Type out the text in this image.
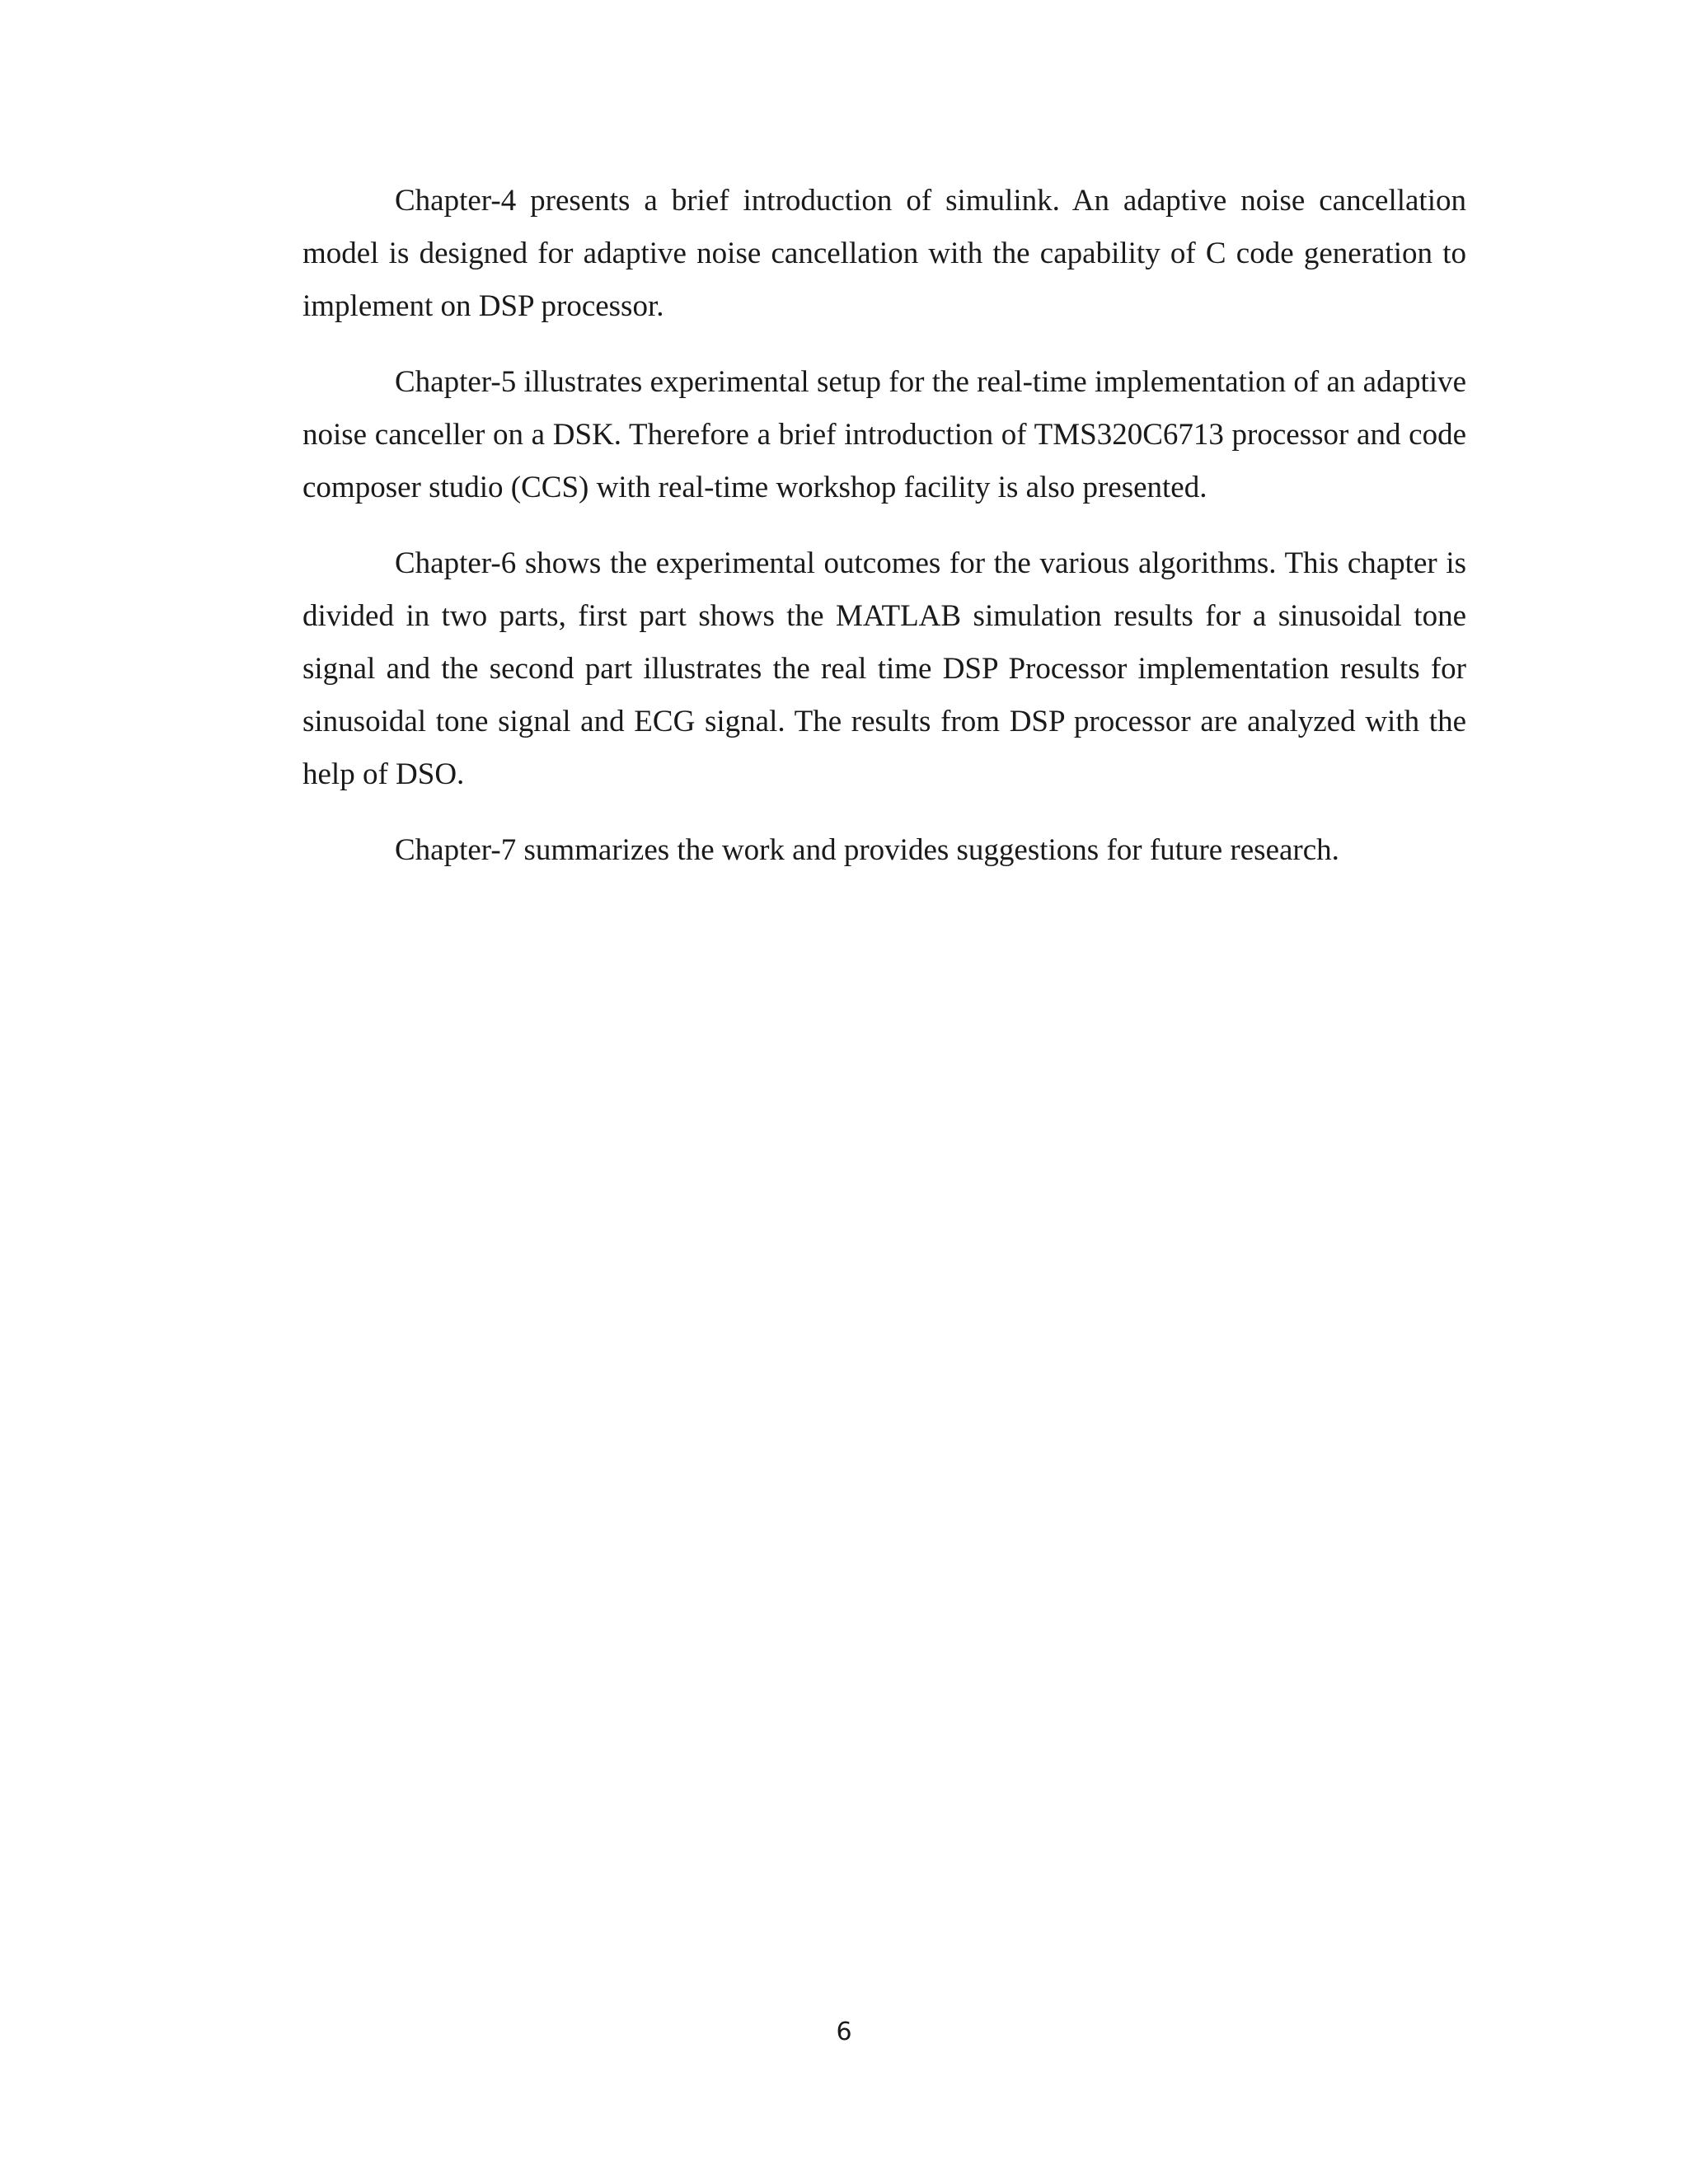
Chapter-4 presents a brief introduction of simulink. An adaptive noise cancellation model is designed for adaptive noise cancellation with the capability of C code generation to implement on DSP processor.

Chapter-5 illustrates experimental setup for the real-time implementation of an adaptive noise canceller on a DSK. Therefore a brief introduction of TMS320C6713 processor and code composer studio (CCS) with real-time workshop facility is also presented.

Chapter-6 shows the experimental outcomes for the various algorithms. This chapter is divided in two parts, first part shows the MATLAB simulation results for a sinusoidal tone signal and the second part illustrates the real time DSP Processor implementation results for sinusoidal tone signal and ECG signal. The results from DSP processor are analyzed with the help of DSO.

Chapter-7 summarizes the work and provides suggestions for future research.

6
